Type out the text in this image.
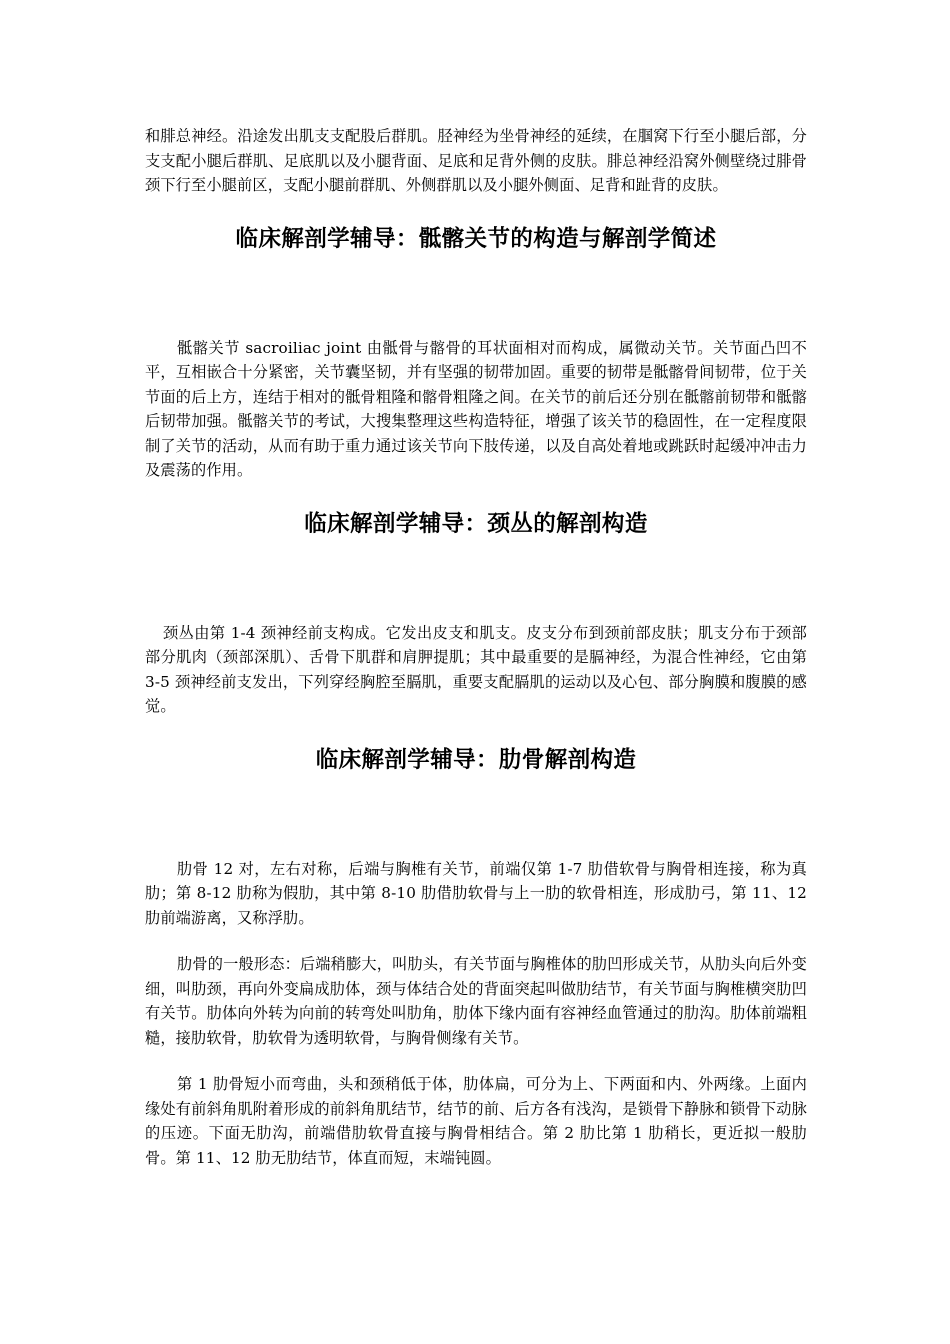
和腓总神经。沿途发出肌支支配股后群肌。胫神经为坐骨神经的延续，在腘窝下行至小腿后部，分支支配小腿后群肌、足底肌以及小腿背面、足底和足背外侧的皮肤。腓总神经沿窝外侧壁绕过腓骨颈下行至小腿前区，支配小腿前群肌、外侧群肌以及小腿外侧面、足背和趾背的皮肤。

临床解剖学辅导：骶髂关节的构造与解剖学简述

骶髂关节 sacroiliac joint 由骶骨与髂骨的耳状面相对而构成，属微动关节。关节面凸凹不平，互相嵌合十分紧密，关节囊坚韧，并有坚强的韧带加固。重要的韧带是骶髂骨间韧带，位于关节面的后上方，连结于相对的骶骨粗隆和髂骨粗隆之间。在关节的前后还分别在骶髂前韧带和骶髂后韧带加强。骶髂关节的考试，大搜集整理这些构造特征，增强了该关节的稳固性，在一定程度限制了关节的活动，从而有助于重力通过该关节向下肢传递，以及自高处着地或跳跃时起缓冲冲击力及震荡的作用。

临床解剖学辅导：颈丛的解剖构造

颈丛由第 1-4 颈神经前支构成。它发出皮支和肌支。皮支分布到颈前部皮肤；肌支分布于颈部部分肌肉（颈部深肌）、舌骨下肌群和肩胛提肌；其中最重要的是膈神经，为混合性神经，它由第 3-5 颈神经前支发出，下列穿经胸腔至膈肌，重要支配膈肌的运动以及心包、部分胸膜和腹膜的感觉。

临床解剖学辅导：肋骨解剖构造

肋骨 12 对，左右对称，后端与胸椎有关节，前端仅第 1-7 肋借软骨与胸骨相连接，称为真肋；第 8-12 肋称为假肋，其中第 8-10 肋借肋软骨与上一肋的软骨相连，形成肋弓，第 11、12 肋前端游离，又称浮肋。

肋骨的一般形态：后端稍膨大，叫肋头，有关节面与胸椎体的肋凹形成关节，从肋头向后外变细，叫肋颈，再向外变扁成肋体，颈与体结合处的背面突起叫做肋结节，有关节面与胸椎横突肋凹有关节。肋体向外转为向前的转弯处叫肋角，肋体下缘内面有容神经血管通过的肋沟。肋体前端粗糙，接肋软骨，肋软骨为透明软骨，与胸骨侧缘有关节。

第 1 肋骨短小而弯曲，头和颈稍低于体，肋体扁，可分为上、下两面和内、外两缘。上面内缘处有前斜角肌附着形成的前斜角肌结节，结节的前、后方各有浅沟，是锁骨下静脉和锁骨下动脉的压迹。下面无肋沟，前端借肋软骨直接与胸骨相结合。第 2 肋比第 1 肋稍长，更近拟一般肋骨。第 11、12 肋无肋结节，体直而短，末端钝圆。
